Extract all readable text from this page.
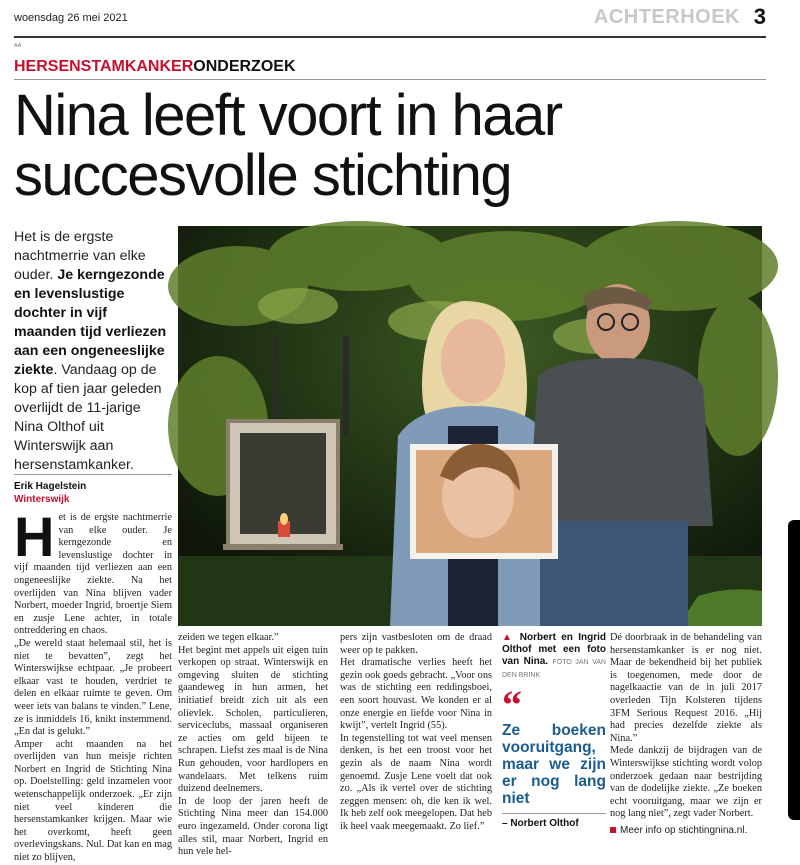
woensdag 26 mei 2021	ACHTERHOEK 3
ᴬᴬ
HERSENSTAMKANKERONDERZOEK
Nina leeft voort in haar
succesvolle stichting
Het is de ergste nachtmerrie van elke ouder. Je kerngezonde en levenslustige dochter in vijf maanden tijd verliezen aan een ongeneeslijke ziekte. Vandaag op de kop af tien jaar geleden overlijdt de 11-jarige Nina Olthof uit Winterswijk aan hersenstamkanker.
Erik Hagelstein
Winterswijk
H et is de ergste nachtmerrie van elke ouder. Je kerngezonde en levenslustige dochter in vijf maanden tijd verliezen aan een ongeneeslijke ziekte. Na het overlijden van Nina blijven vader Norbert, moeder Ingrid, broertje Siem en zusje Lene achter, in totale ontreddering en chaos.

„De wereld staat helemaal stil, het is niet te bevatten”, zegt het Winterswijkse echtpaar. „Je probeert elkaar vast te houden, verdriet te delen en elkaar ruimte te geven. Om weer iets van balans te vinden.” Lene, ze is inmiddels 16, knikt instemmend. „En dat is gelukt.”

Amper acht maanden na het overlijden van hun meisje richten Norbert en Ingrid de Stichting Nina op. Doelstelling: geld inzamelen voor wetenschappelijk onderzoek. „Er zijn niet veel kinderen die hersenstamkanker krijgen. Maar wie het overkomt, heeft geen overlevingskans. Nul. Dat kan en mag niet zo blijven,

zeiden we tegen elkaar.”

Het begint met appels uit eigen tuin verkopen op straat. Winterswijk en omgeving sluiten de stichting gaandeweg in hun armen, het initiatief breidt zich uit als een olievlek. Scholen, particulieren, serviceclubs, massaal organiseren ze acties om geld bijeen te schrapen. Liefst zes maal is de Nina Run gehouden, voor hardlopers en wandelaars. Met telkens ruim duizend deelnemers.

In de loop der jaren heeft de Stichting Nina meer dan 154.000 euro ingezameld. Onder corona ligt alles stil, maar Norbert, Ingrid en hun vele hel-

pers zijn vastbesloten om de draad weer op te pakken.

Het dramatische verlies heeft het gezin ook goeds gebracht. „Voor ons was de stichting een reddingsboei, een soort houvast. We konden er al onze energie en liefde voor Nina in kwijt”, vertelt Ingrid (55).

In tegenstelling tot wat veel mensen denken, is het een troost voor het gezin als de naam Nina wordt genoemd. Zusje Lene voelt dat ook zo. „Als ik vertel over de stichting zeggen mensen: oh, die ken ik wel. Ik heb zelf ook meegelopen. Dat heb ik heel vaak meegemaakt. Zo lief.”

▲ Norbert en Ingrid Olthof met een foto van Nina. FOTO JAN VAN DEN BRINK
“
Ze boeken vooruitgang, maar we zijn er nog lang niet
– Norbert Olthof

Dé doorbraak in de behandeling van hersenstamkanker is er nog niet. Maar de bekendheid bij het publiek is toegenomen, mede door de nagelkaactie van de in juli 2017 overleden Tijn Kolsteren tijdens 3FM Serious Request 2016. „Hij had precies dezelfde ziekte als Nina.”

Mede dankzij de bijdragen van de Winterswijkse stichting wordt volop onderzoek gedaan naar bestrijding van de dodelijke ziekte. „Ze boeken echt vooruitgang, maar we zijn er nog lang niet”, zegt vader Norbert.

Meer info op stichtingnina.nl.
